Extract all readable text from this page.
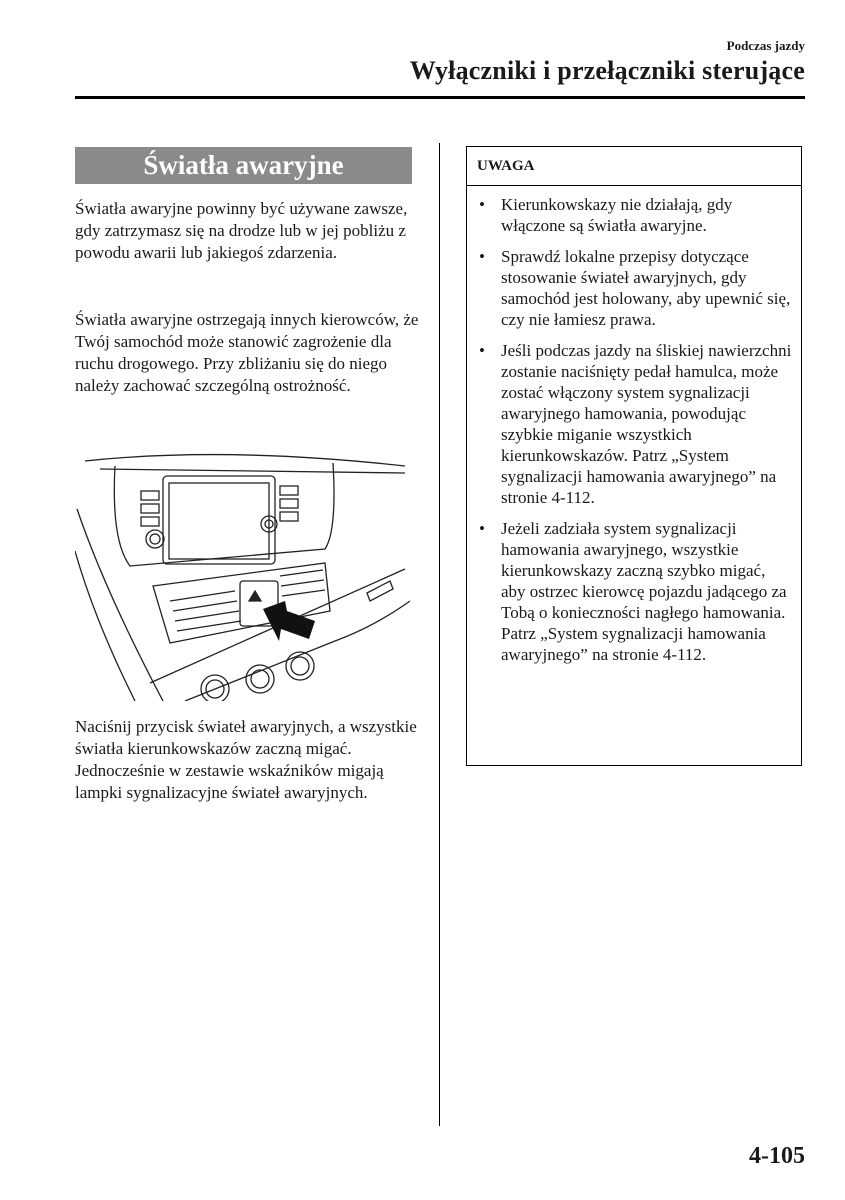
Podczas jazdy
Wyłączniki i przełączniki sterujące
Światła awaryjne

Światła awaryjne powinny być używane zawsze, gdy zatrzymasz się na drodze lub w jej pobliżu z powodu awarii lub jakiegoś zdarzenia.

Światła awaryjne ostrzegają innych kierowców, że Twój samochód może stanowić zagrożenie dla ruchu drogowego. Przy zbliżaniu się do niego należy zachować szczególną ostrożność.

Naciśnij przycisk świateł awaryjnych, a wszystkie światła kierunkowskazów zaczną migać. Jednocześnie w zestawie wskaźników migają lampki sygnalizacyjne świateł awaryjnych.

UWAGA
• Kierunkowskazy nie działają, gdy włączone są światła awaryjne.
• Sprawdź lokalne przepisy dotyczące stosowanie świateł awaryjnych, gdy samochód jest holowany, aby upewnić się, czy nie łamiesz prawa.
• Jeśli podczas jazdy na śliskiej nawierzchni zostanie naciśnięty pedał hamulca, może zostać włączony system sygnalizacji awaryjnego hamowania, powodując szybkie miganie wszystkich kierunkowskazów. Patrz „System sygnalizacji hamowania awaryjnego” na stronie 4-112.
• Jeżeli zadziała system sygnalizacji hamowania awaryjnego, wszystkie kierunkowskazy zaczną szybko migać, aby ostrzec kierowcę pojazdu jadącego za Tobą o konieczności nagłego hamowania. Patrz „System sygnalizacji hamowania awaryjnego” na stronie 4-112.
4-105
